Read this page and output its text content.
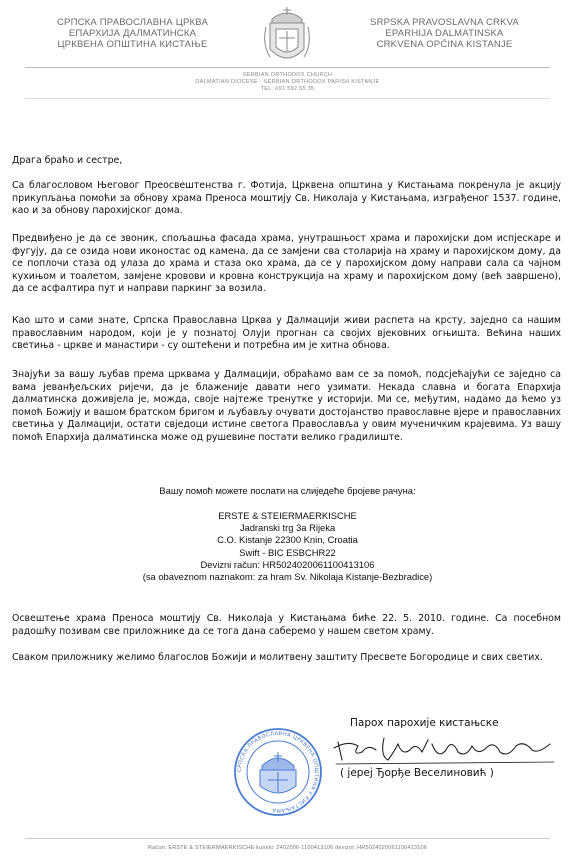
СРПСКА ПРАВОСЛАВНА ЦРКВА
ЕПАРХИЈА ДАЛМАТИНСКА
ЦРКВЕНА ОПШТИНА КИСТАЊЕ
SRPSKA PRAVOSLAVNA CRKVA
EPARHIJA DALMATINSKA
CRKVENA OPĆINA KISTANJE
SERBIAN ORTHODOX CHURCH
DALMATIAN DIOCESE - SERBIAN ORTHODOX PARISH KISTANJE
TEL: 091 592 55 35
Драга браћо и сестре,
Са благословом Његовог Преосвештенства г. Фотија, Црквена општина у Кистањама покренула је акцију прикупљања помоћи за обнову храма Преноса моштију Св. Николаја у Кистањама, изграђеног 1537. године, као и за обнову парохијског дома.
Предвиђено је да се звоник, спољашња фасада храма, унутрашњост храма и парохијски дом испјескаре и фугују, да се озида нови иконостас од камена, да се замјени сва столарија на храму и парохијском дому, да се поплочи стаза од улаза до храма и стаза око храма, да се у парохијском дому направи сала са чајном кухињом и тоалетом, замјене кровови и кровна конструкција на храму и парохијском дому (већ завршено), да се асфалтира пут и направи паркинг за возила.
Као што и сами знате, Српска Православна Црква у Далмацији живи распета на крсту, заједно са нашим православним народом, који је у познатој Олуји прогнан са својих вјековних огњишта. Већина наших светиња - цркве и манастири - су оштећени и потребна им је хитна обнова.
Знајући за вашу љубав према црквама у Далмацији, обраћамо вам се за помоћ, подсјећајући се заједно са вама јеванђељских ријечи, да је блаженије давати него узимати. Некада славна и богата Епархија далматинска доживјела је, можда, своје најтеже тренутке у историји. Ми се, међутим, надамо да ћемо уз помоћ Божију и вашом братском бригом и љубављу очувати достојанство православне вјере и православних светиња у Далмацији, остати свједоци истине светога Православља у овим мученичким крајевима. Уз вашу помоћ Епархија далматинска може од рушевине постати велико градилиште.
Вашу помоћ можете послати на слиједеће бројеве рачуна:
ERSTE & STEIERMAERKISCHE
Jadranski trg 3a Rijeka
C.O. Kistanje 22300 Knin, Croatia
Swift - BIC ESBCHR22
Devizni račun: HR5024020061100413106
(sa obaveznom naznakom: za hram Sv. Nikolaja Kistanje-Bezbradice)
Освештење храма Преноса моштију Св. Николаја у Кистањама биће 22. 5. 2010. године. Са посебном радошћу позивам све приложнике да се тога дана саберемо у нашем светом храму.
Сваком приложнику желимо благослов Божији и молитвену заштиту Пресвете Богородице и свих светих.
Парох парохије кистањске
( јереј Ђорђе Веселиновић )
СРПСКА ПРАВОСЛАВНА ЦРКВЕНА ОПШТИНА У КИСТАЊАМА
Račun: ERSTE & STEIERMAERKISCHE kunski: 2402006-1100413106 devizni: HR5024020061100413106
